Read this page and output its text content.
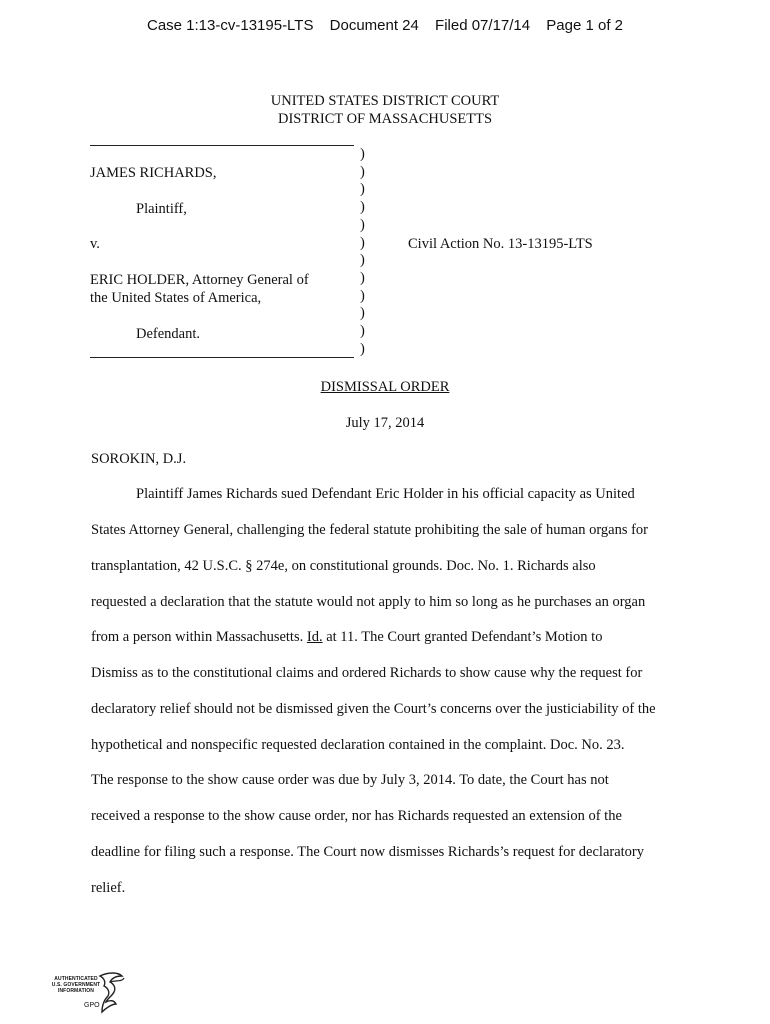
Case 1:13-cv-13195-LTS Document 24 Filed 07/17/14 Page 1 of 2
UNITED STATES DISTRICT COURT
DISTRICT OF MASSACHUSETTS
)
)
)
)
)
)
)
)
)
)
)
)
JAMES RICHARDS,
Plaintiff,
v.	Civil Action No. 13-13195-LTS
ERIC HOLDER, Attorney General of
the United States of America,
Defendant.
DISMISSAL ORDER
July 17, 2014
SOROKIN, D.J.
Plaintiff James Richards sued Defendant Eric Holder in his official capacity as United
States Attorney General, challenging the federal statute prohibiting the sale of human organs for
transplantation, 42 U.S.C. § 274e, on constitutional grounds. Doc. No. 1. Richards also
requested a declaration that the statute would not apply to him so long as he purchases an organ
from a person within Massachusetts. Id. at 11. The Court granted Defendant’s Motion to
Dismiss as to the constitutional claims and ordered Richards to show cause why the request for
declaratory relief should not be dismissed given the Court’s concerns over the justiciability of the
hypothetical and nonspecific requested declaration contained in the complaint. Doc. No. 23.
The response to the show cause order was due by July 3, 2014. To date, the Court has not
received a response to the show cause order, nor has Richards requested an extension of the
deadline for filing such a response. The Court now dismisses Richards’s request for declaratory
relief.
AUTHENTICATED
U.S. GOVERNMENT
INFORMATION
GPO
